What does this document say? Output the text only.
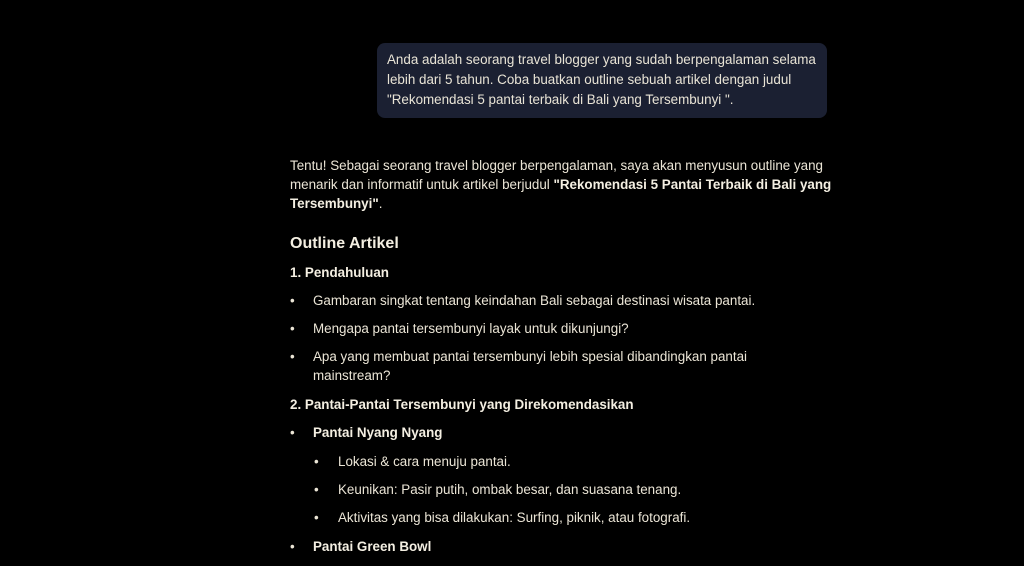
Anda adalah seorang travel blogger yang sudah berpengalaman selama lebih dari 5 tahun. Coba buatkan outline sebuah artikel dengan judul "Rekomendasi 5 pantai terbaik di Bali yang Tersembunyi ".

Tentu! Sebagai seorang travel blogger berpengalaman, saya akan menyusun outline yang menarik dan informatif untuk artikel berjudul "Rekomendasi 5 Pantai Terbaik di Bali yang Tersembunyi".

Outline Artikel
1. Pendahuluan
•	Gambaran singkat tentang keindahan Bali sebagai destinasi wisata pantai.
•	Mengapa pantai tersembunyi layak untuk dikunjungi?
•	Apa yang membuat pantai tersembunyi lebih spesial dibandingkan pantai mainstream?
2. Pantai-Pantai Tersembunyi yang Direkomendasikan
•	Pantai Nyang Nyang
•	Lokasi & cara menuju pantai.
•	Keunikan: Pasir putih, ombak besar, dan suasana tenang.
•	Aktivitas yang bisa dilakukan: Surfing, piknik, atau fotografi.
•	Pantai Green Bowl
